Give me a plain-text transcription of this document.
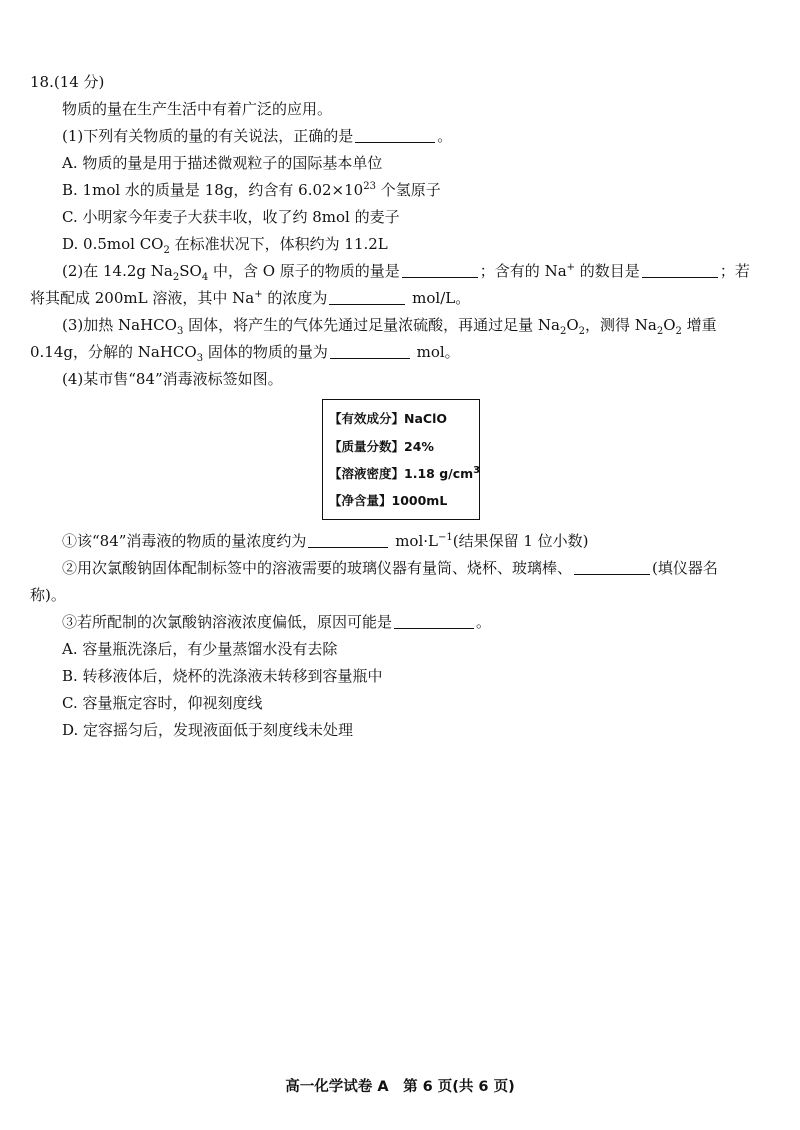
18.(14 分)
物质的量在生产生活中有着广泛的应用。
(1)下列有关物质的量的有关说法，正确的是	。
A. 物质的量是用于描述微观粒子的国际基本单位
B. 1mol 水的质量是 18g，约含有 $6.02\times 10^{23}$ 个氢原子
C. 小明家今年麦子大获丰收，收了约 8mol 的麦子
D. 0.5mol $CO_2$ 在标准状况下，体积约为 11.2L
(2)在 14.2g $Na_2SO_4$ 中，含 O 原子的物质的量是	；含有的 Na+ 的数目是	；若
将其配成 200mL 溶液，其中 Na+ 的浓度为	mol/L。
(3)加热 NaHCO$_3$ 固体，将产生的气体先通过足量浓硫酸，再通过足量 $Na_2O_2$，测得 $Na_2O_2$ 增重
0.14g，分解的 NaHCO$_3$ 固体的物质的量为	mol。
(4)某市售“84”消毒液标签如图。
【有效成分】NaClO
【质量分数】24%
【溶液密度】1.18 $g/cm^3$
【净含量】1000mL
①该“84”消毒液的物质的量浓度约为	$mol\cdot L^{-1}$(结果保留 1 位小数)
②用次氯酸钠固体配制标签中的溶液需要的玻璃仪器有量筒、烧杯、玻璃棒、	(填仪器名
称)。
③若所配制的次氯酸钠溶液浓度偏低，原因可能是	。
A. 容量瓶洗涤后，有少量蒸馏水没有去除
B. 转移液体后，烧杯的洗涤液未转移到容量瓶中
C. 容量瓶定容时，仰视刻度线
D. 定容摇匀后，发现液面低于刻度线未处理
高一化学试卷 A　第 6 页(共 6 页)
